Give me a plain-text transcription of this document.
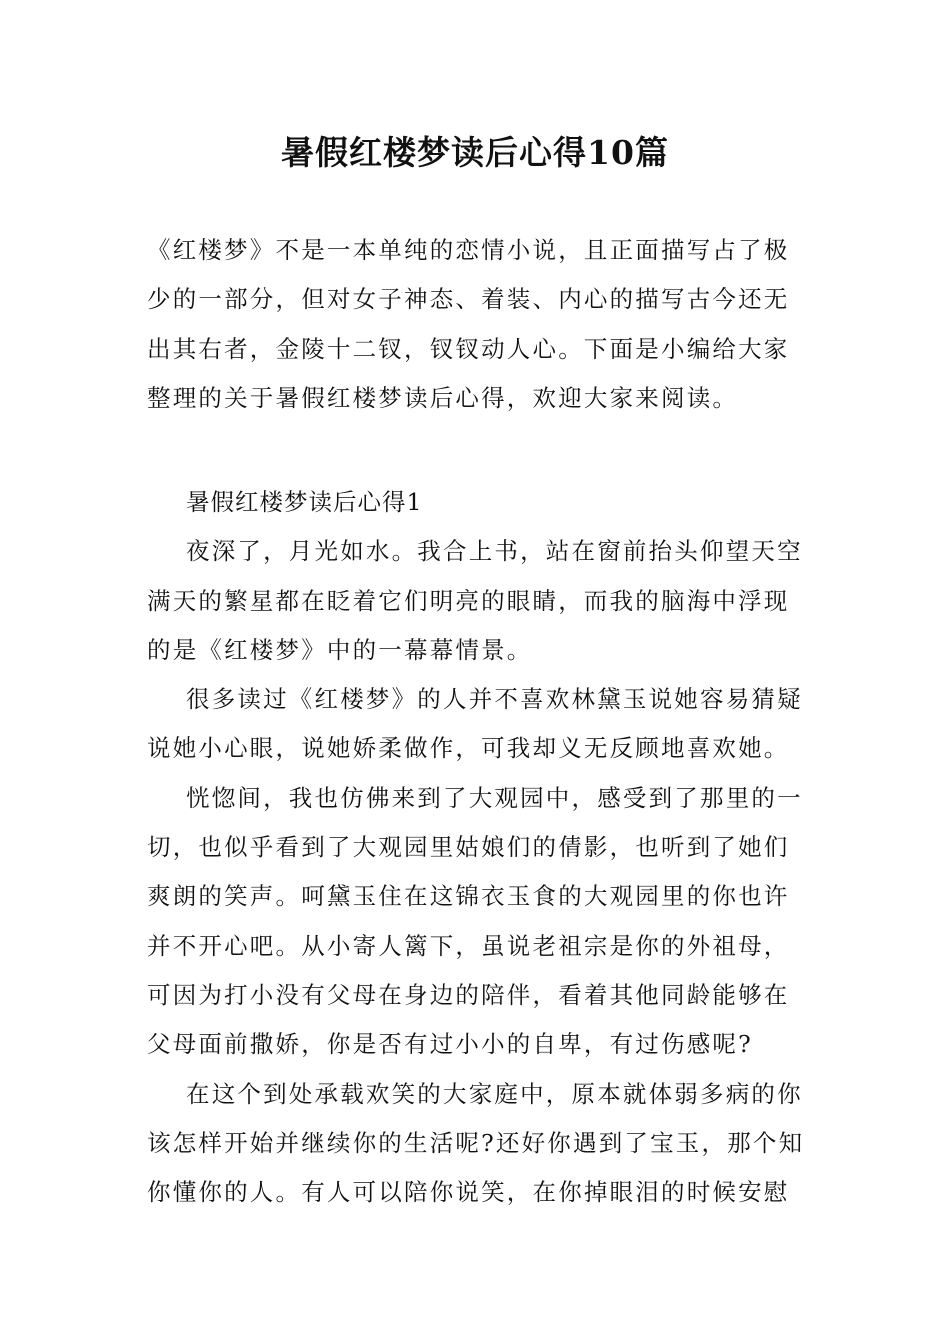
暑假红楼梦读后心得10篇
《红楼梦》不是一本单纯的恋情小说，且正面描写占了极
少的一部分，但对女子神态、着装、内心的描写古今还无
出其右者，金陵十二钗，钗钗动人心。下面是小编给大家
整理的关于暑假红楼梦读后心得，欢迎大家来阅读。
暑假红楼梦读后心得1
夜深了，月光如水。我合上书，站在窗前抬头仰望天空
满天的繁星都在眨着它们明亮的眼睛，而我的脑海中浮现
的是《红楼梦》中的一幕幕情景。
很多读过《红楼梦》的人并不喜欢林黛玉说她容易猜疑
说她小心眼，说她娇柔做作，可我却义无反顾地喜欢她。
恍惚间，我也仿佛来到了大观园中，感受到了那里的一
切，也似乎看到了大观园里姑娘们的倩影，也听到了她们
爽朗的笑声。呵黛玉住在这锦衣玉食的大观园里的你也许
并不开心吧。从小寄人篱下，虽说老祖宗是你的外祖母，
可因为打小没有父母在身边的陪伴，看着其他同龄能够在
父母面前撒娇，你是否有过小小的自卑，有过伤感呢?
在这个到处承载欢笑的大家庭中，原本就体弱多病的你
该怎样开始并继续你的生活呢?还好你遇到了宝玉，那个知
你懂你的人。有人可以陪你说笑，在你掉眼泪的时候安慰
